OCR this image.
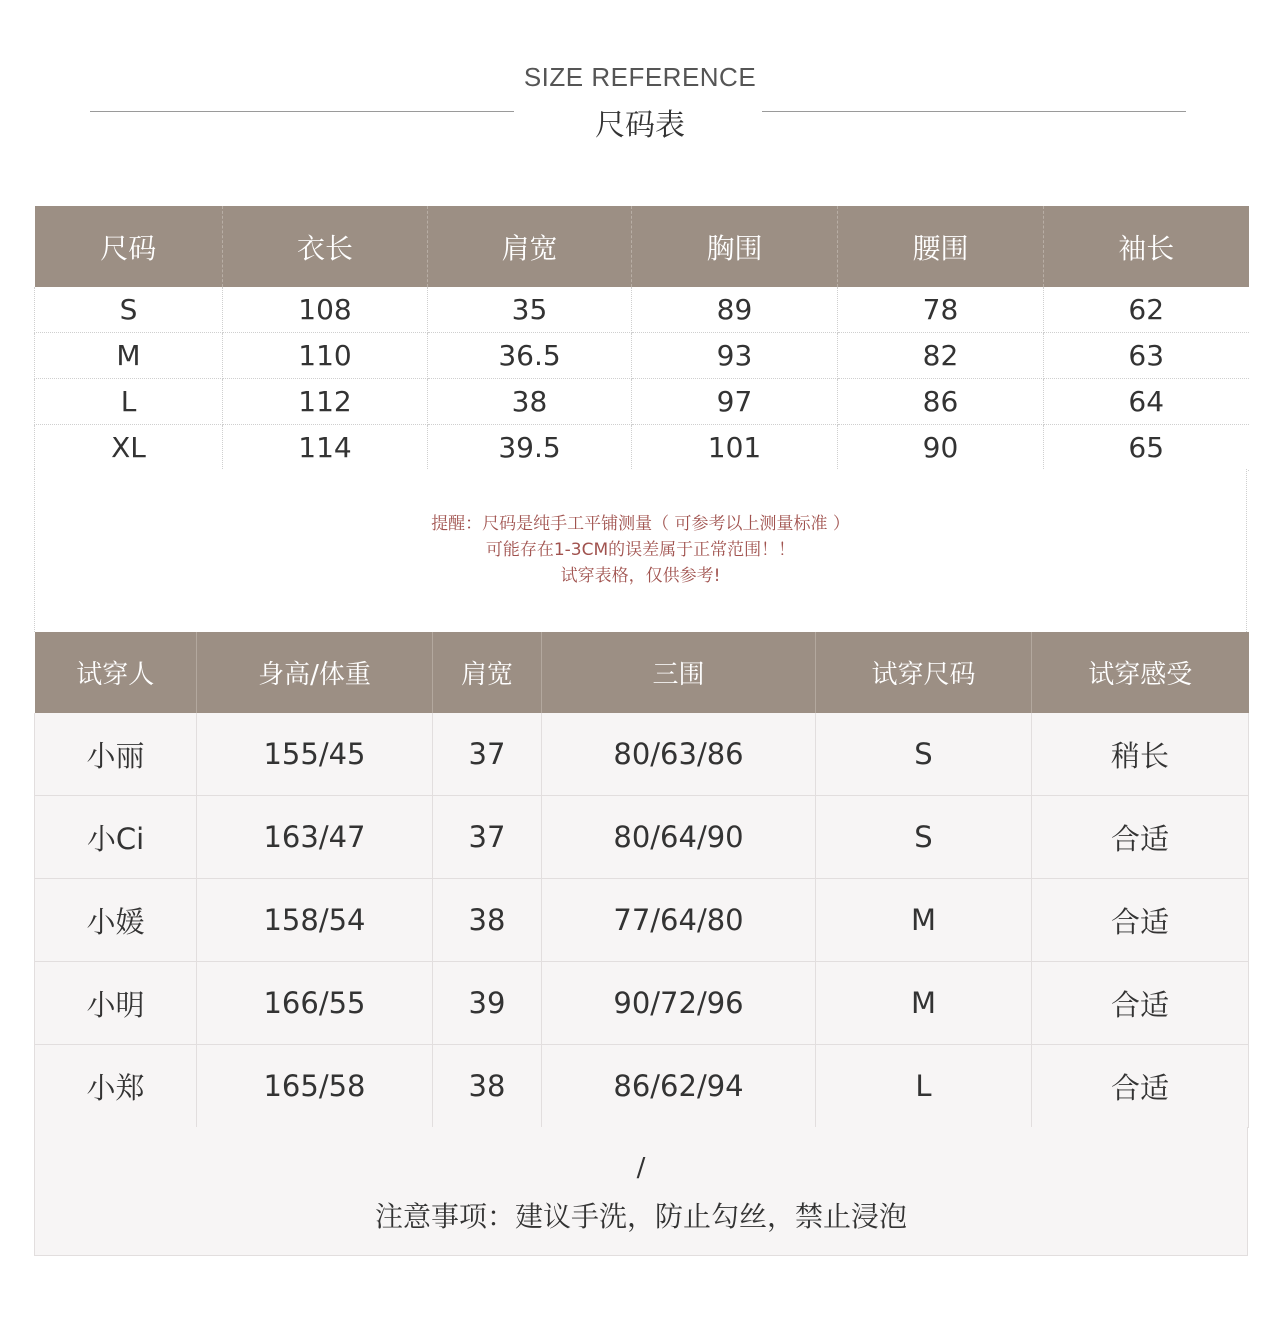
SIZE REFERENCE
尺码表
尺码	衣长	肩宽	胸围	腰围	袖长
S	108	35	89	78	62
M	110	36.5	93	82	63
L	112	38	97	86	64
XL	114	39.5	101	90	65
提醒：尺码是纯手工平铺测量（ 可参考以上测量标准 ）
可能存在1-3CM的误差属于正常范围！！
试穿表格，仅供参考!
试穿人	身高/体重	肩宽	三围	试穿尺码	试穿感受
小丽	155/45	37	80/63/86	S	稍长
小Ci	163/47	37	80/64/90	S	合适
小媛	158/54	38	77/64/80	M	合适
小明	166/55	39	90/72/96	M	合适
小郑	165/58	38	86/62/94	L	合适
/
注意事项：建议手洗，防止勾丝，禁止浸泡
